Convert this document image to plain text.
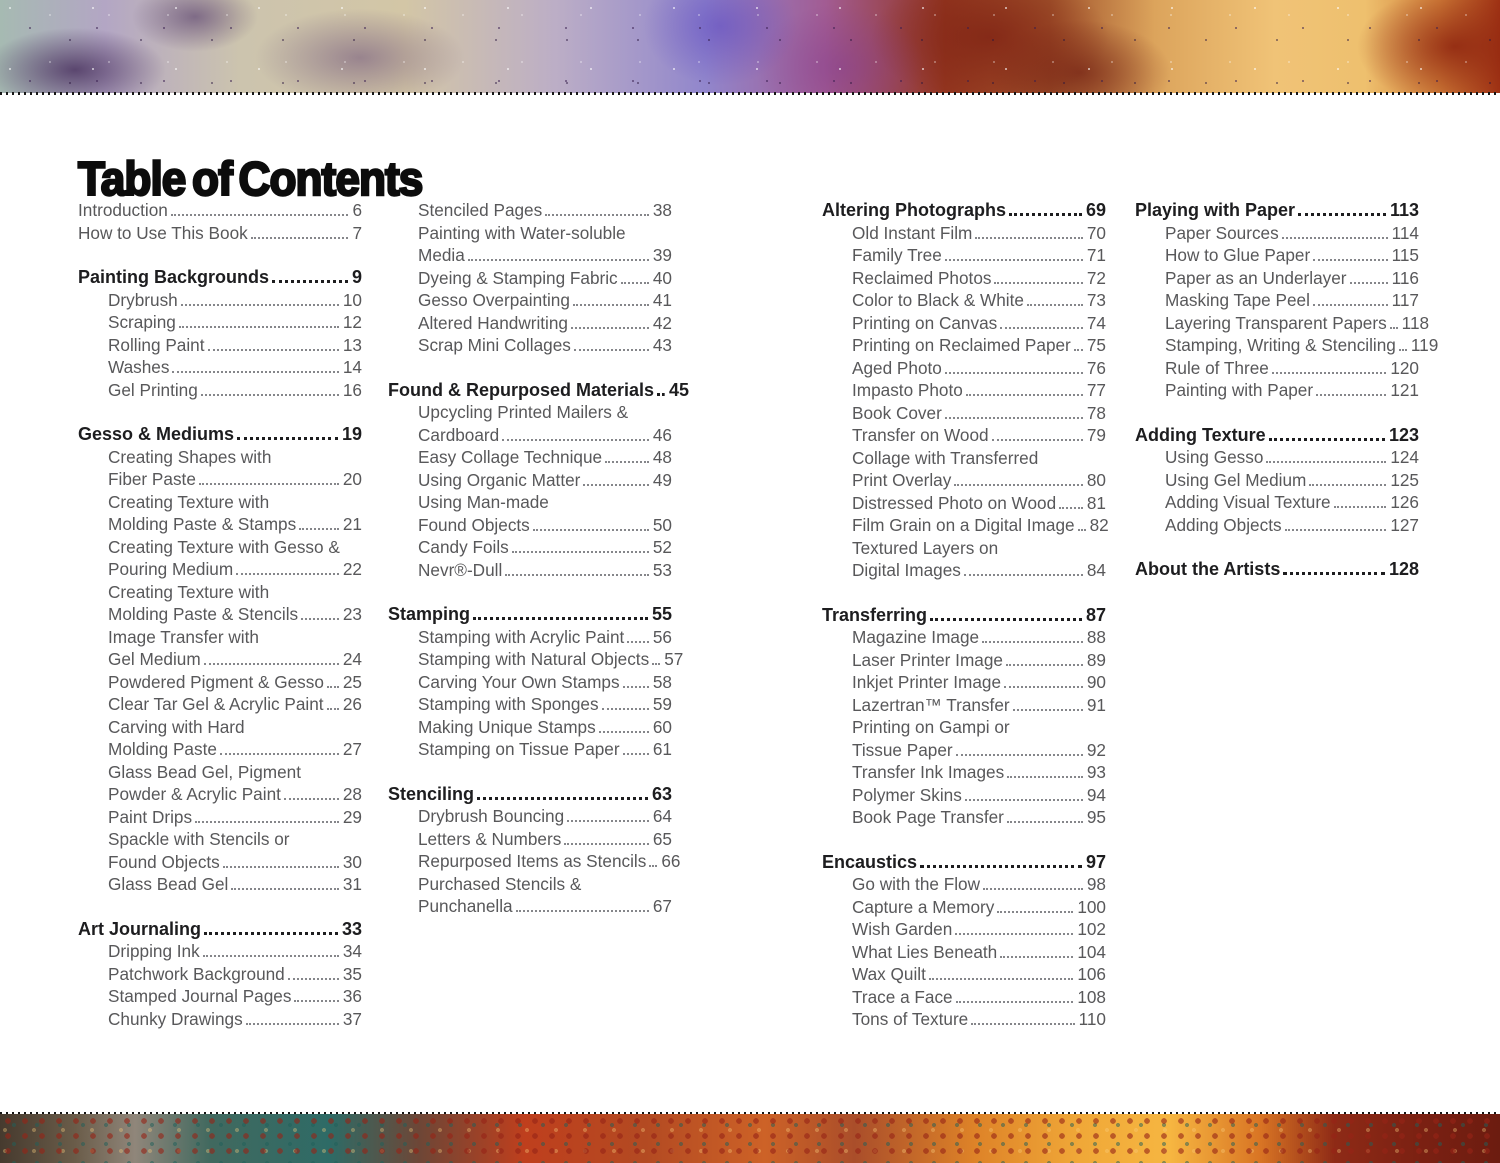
Table of Contents
Introduction	6
How to Use This Book	7
Painting Backgrounds	9
Drybrush	10
Scraping	12
Rolling Paint	13
Washes	14
Gel Printing	16
Gesso & Mediums	19
Creating Shapes with
Fiber Paste	20
Creating Texture with
Molding Paste & Stamps	21
Creating Texture with Gesso &
Pouring Medium	22
Creating Texture with
Molding Paste & Stencils	23
Image Transfer with
Gel Medium	24
Powdered Pigment & Gesso 25
Clear Tar Gel & Acrylic Paint 26
Carving with Hard
Molding Paste	27
Glass Bead Gel, Pigment
Powder & Acrylic Paint	28
Paint Drips	29
Spackle with Stencils or
Found Objects	30
Glass Bead Gel	31
Art Journaling	33
Dripping Ink	34
Patchwork Background	35
Stamped Journal Pages	36
Chunky Drawings	37
Stenciled Pages	38
Painting with Water-soluble
Media	39
Dyeing & Stamping Fabric 40
Gesso Overpainting	41
Altered Handwriting	42
Scrap Mini Collages	43
Found & Repurposed Materials 45
Upcycling Printed Mailers &
Cardboard	46
Easy Collage Technique	48
Using Organic Matter	49
Using Man-made
Found Objects	50
Candy Foils	52
Nevr®-Dull	53
Stamping	55
Stamping with Acrylic Paint 56
Stamping with Natural Objects 57
Carving Your Own Stamps 58
Stamping with Sponges	59
Making Unique Stamps	60
Stamping on Tissue Paper 61
Stenciling	63
Drybrush Bouncing	64
Letters & Numbers	65
Repurposed Items as Stencils 66
Purchased Stencils &
Punchanella	67
Altering Photographs	69
Old Instant Film	70
Family Tree	71
Reclaimed Photos	72
Color to Black & White	73
Printing on Canvas	74
Printing on Reclaimed Paper 75
Aged Photo	76
Impasto Photo	77
Book Cover	78
Transfer on Wood	79
Collage with Transferred
Print Overlay	80
Distressed Photo on Wood 81
Film Grain on a Digital Image 82
Textured Layers on
Digital Images	84
Transferring	87
Magazine Image	88
Laser Printer Image	89
Inkjet Printer Image	90
Lazertran™ Transfer	91
Printing on Gampi or
Tissue Paper	92
Transfer Ink Images	93
Polymer Skins	94
Book Page Transfer	95
Encaustics	97
Go with the Flow	98
Capture a Memory	100
Wish Garden	102
What Lies Beneath	104
Wax Quilt	106
Trace a Face	108
Tons of Texture	110
Playing with Paper	113
Paper Sources	114
How to Glue Paper	115
Paper as an Underlayer	116
Masking Tape Peel	117
Layering Transparent Papers 118
Stamping, Writing & Stenciling 119
Rule of Three	120
Painting with Paper	121
Adding Texture	123
Using Gesso	124
Using Gel Medium	125
Adding Visual Texture	126
Adding Objects	127
About the Artists	128
